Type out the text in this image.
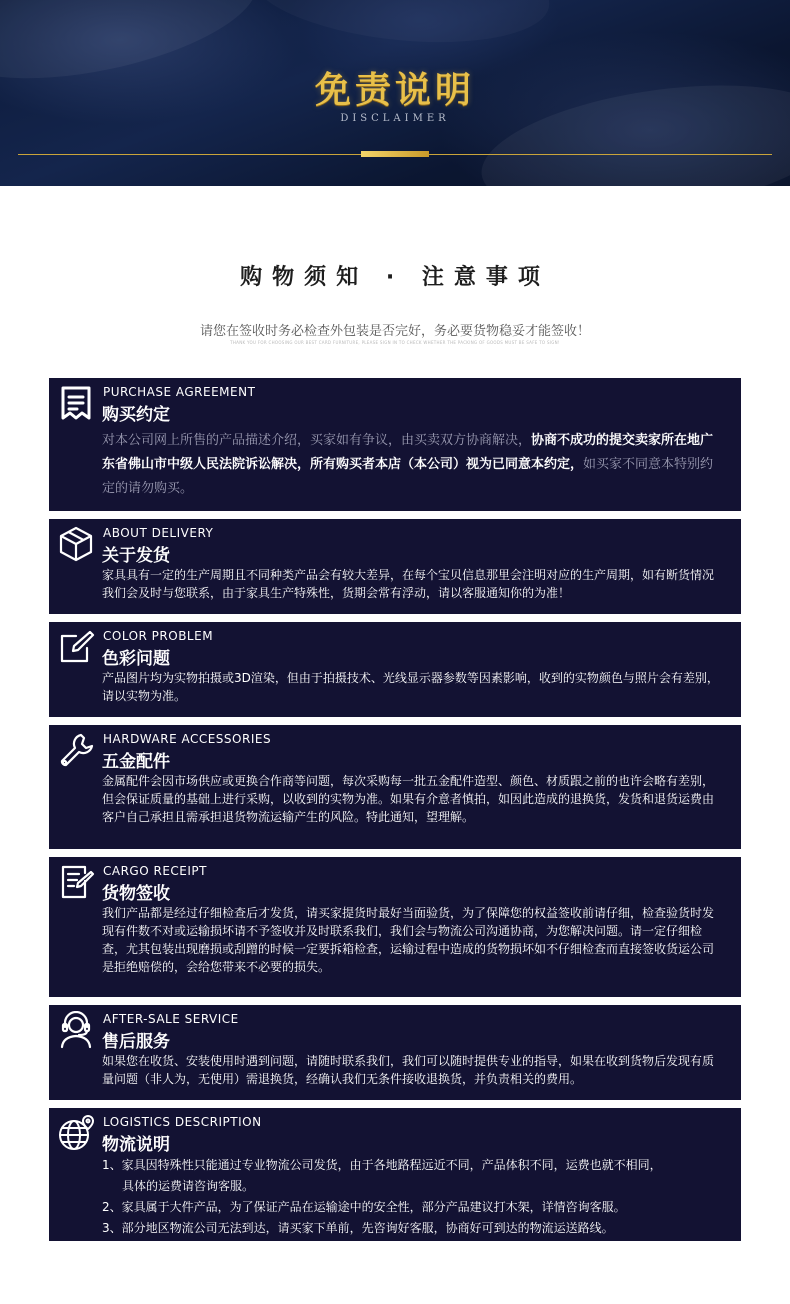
免责说明
DISCLAIMER
购物须知 · 注意事项
请您在签收时务必检查外包装是否完好，务必要货物稳妥才能签收！
THANK YOU FOR CHOOSING OUR BEST CARD FURNITURE, PLEASE SIGN IN TO CHECK WHETHER THE PACKING OF GOODS MUST BE SAFE TO SIGN!
PURCHASE AGREEMENT
购买约定
对本公司网上所售的产品描述介绍，买家如有争议，由买卖双方协商解决，协商不成功的提交卖家所在地广东省佛山市中级人民法院诉讼解决，所有购买者本店（本公司）视为已同意本约定，如买家不同意本特别约定的请勿购买。
ABOUT DELIVERY
关于发货
家具具有一定的生产周期且不同种类产品会有较大差异，在每个宝贝信息那里会注明对应的生产周期，如有断货情况我们会及时与您联系，由于家具生产特殊性，货期会常有浮动，请以客服通知你的为准！
COLOR PROBLEM
色彩问题
产品图片均为实物拍摄或3D渲染，但由于拍摄技术、光线显示器参数等因素影响，收到的实物颜色与照片会有差别，请以实物为准。
HARDWARE ACCESSORIES
五金配件
金属配件会因市场供应或更换合作商等问题，每次采购每一批五金配件造型、颜色、材质跟之前的也许会略有差别，但会保证质量的基础上进行采购，以收到的实物为准。如果有介意者慎拍，如因此造成的退换货，发货和退货运费由客户自己承担且需承担退货物流运输产生的风险。特此通知，望理解。
CARGO RECEIPT
货物签收
我们产品都是经过仔细检查后才发货，请买家提货时最好当面验货，为了保障您的权益签收前请仔细，检查验货时发现有件数不对或运输损坏请不予签收并及时联系我们，我们会与物流公司沟通协商，为您解决问题。请一定仔细检查，尤其包装出现磨损或刮蹭的时候一定要拆箱检查，运输过程中造成的货物损坏如不仔细检查而直接签收货运公司是拒绝赔偿的，会给您带来不必要的损失。
AFTER-SALE SERVICE
售后服务
如果您在收货、安装使用时遇到问题，请随时联系我们，我们可以随时提供专业的指导，如果在收到货物后发现有质量问题（非人为，无使用）需退换货，经确认我们无条件接收退换货，并负责相关的费用。
LOGISTICS DESCRIPTION
物流说明

1、家具因特殊性只能通过专业物流公司发货，由于各地路程远近不同，产品体积不同，运费也就不相同，

具体的运费请咨询客服。

2、家具属于大件产品，为了保证产品在运输途中的安全性，部分产品建议打木架，详情咨询客服。

3、部分地区物流公司无法到达，请买家下单前，先咨询好客服，协商好可到达的物流运送路线。
